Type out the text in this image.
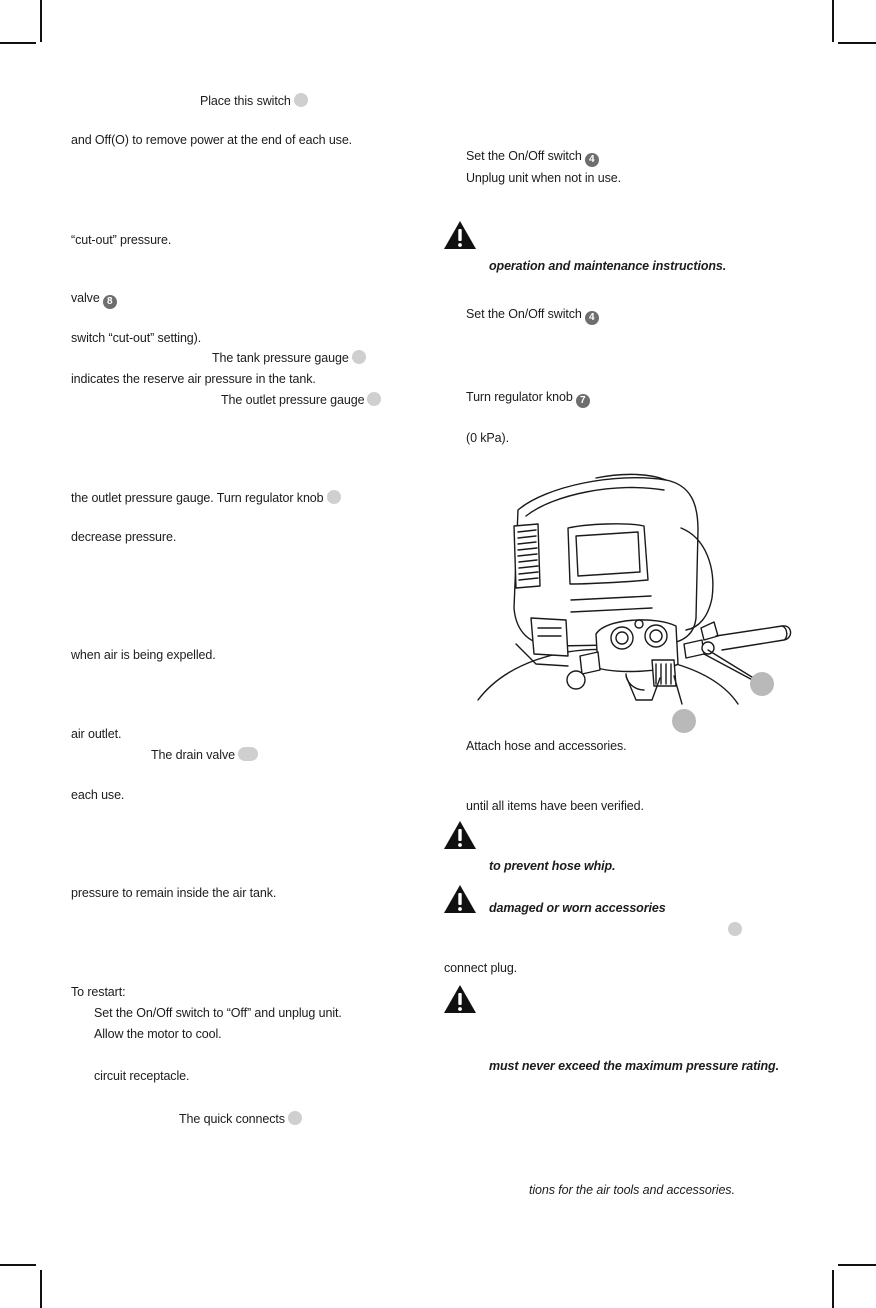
Place this switch
and Off(O) to remove power at the end of each use.
“cut-out” pressure.
valve 8
switch “cut-out” setting).
The tank pressure gauge
indicates the reserve air pressure in the tank.
The outlet pressure gauge
the outlet pressure gauge. Turn regulator knob
decrease pressure.
when air is being expelled.
air outlet.
The drain valve
each use.
pressure to remain inside the air tank.
To restart:
Set the On/Off switch to “Off” and unplug unit.
Allow the motor to cool.
circuit receptacle.
The quick connects
Set the On/Off switch 4
Unplug unit when not in use.
operation and maintenance instructions.
Set the On/Off switch 4
Turn regulator knob 7
(0 kPa).
Attach hose and accessories.
until all items have been verified.
to prevent hose whip.
damaged or worn accessories
connect plug.
must never exceed the maximum pressure rating.
tions for the air tools and accessories.
